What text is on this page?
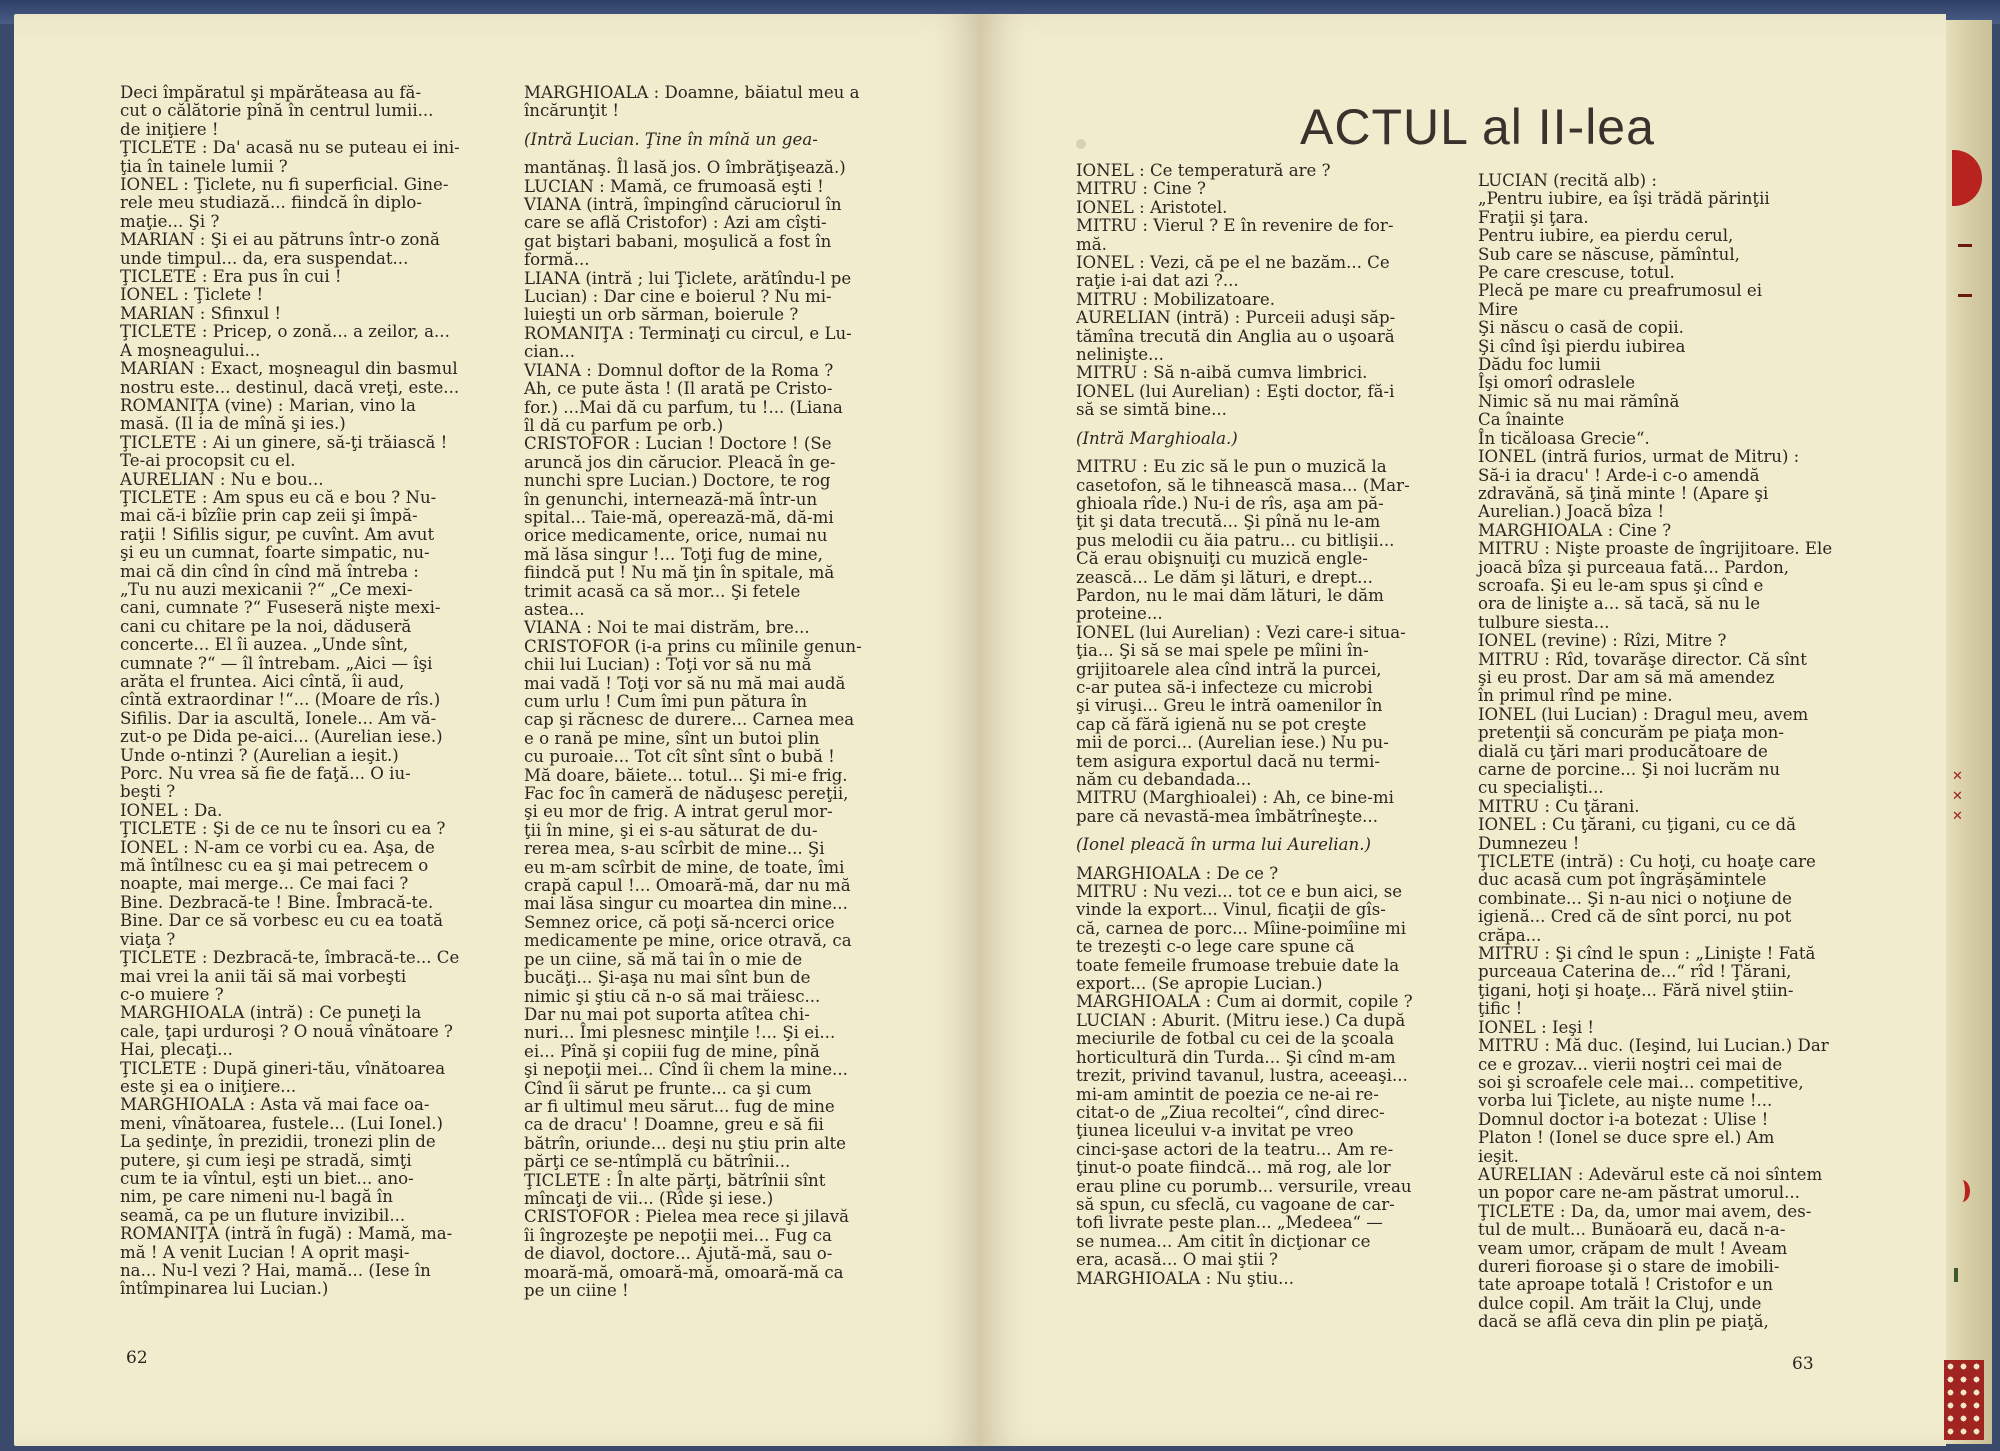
Deci împăratul şi mpărăteasa au fă-

cut o călătorie pînă în centrul lumii...

de iniţiere !

ŢICLETE : Da' acasă nu se puteau ei ini-

ţia în tainele lumii ?

IONEL : Ţiclete, nu fi superficial. Gine-

rele meu studiază... fiindcă în diplo-

maţie... Şi ?

MARIAN : Şi ei au pătruns într-o zonă

unde timpul... da, era suspendat...

ŢICLETE : Era pus în cui !

IONEL : Ţiclete !

MARIAN : Sfinxul !

ŢICLETE : Pricep, o zonă... a zeilor, a...

A moşneagului...

MARIAN : Exact, moşneagul din basmul

nostru este... destinul, dacă vreţi, este...

ROMANIŢA (vine) : Marian, vino la

masă. (Il ia de mînă şi ies.)

ŢICLETE : Ai un ginere, să-ţi trăiască !

Te-ai procopsit cu el.

AURELIAN : Nu e bou...

ŢICLETE : Am spus eu că e bou ? Nu-

mai că-i bîzîie prin cap zeii şi împă-

raţii ! Sifilis sigur, pe cuvînt. Am avut

şi eu un cumnat, foarte simpatic, nu-

mai că din cînd în cînd mă întreba :

„Tu nu auzi mexicanii ?“ „Ce mexi-

cani, cumnate ?“ Fuseseră nişte mexi-

cani cu chitare pe la noi, dăduseră

concerte... El îi auzea. „Unde sînt,

cumnate ?“ — îl întrebam. „Aici — îşi

arăta el fruntea. Aici cîntă, îi aud,

cîntă extraordinar !“... (Moare de rîs.)

Sifilis. Dar ia ascultă, Ionele... Am vă-

zut-o pe Dida pe-aici... (Aurelian iese.)

Unde o-ntinzi ? (Aurelian a ieşit.)

Porc. Nu vrea să fie de faţă... O iu-

beşti ?

IONEL : Da.

ŢICLETE : Şi de ce nu te însori cu ea ?

IONEL : N-am ce vorbi cu ea. Aşa, de

mă întîlnesc cu ea şi mai petrecem o

noapte, mai merge... Ce mai faci ?

Bine. Dezbracă-te ! Bine. Îmbracă-te.

Bine. Dar ce să vorbesc eu cu ea toată

viaţa ?

ŢICLETE : Dezbracă-te, îmbracă-te... Ce

mai vrei la anii tăi să mai vorbeşti

c-o muiere ?

MARGHIOALA (intră) : Ce puneţi la

cale, ţapi urduroşi ? O nouă vînătoare ?

Hai, plecaţi...

ŢICLETE : După gineri-tău, vînătoarea

este şi ea o iniţiere...

MARGHIOALA : Asta vă mai face oa-

meni, vînătoarea, fustele... (Lui Ionel.)

La şedinţe, în prezidii, tronezi plin de

putere, şi cum ieşi pe stradă, simţi

cum te ia vîntul, eşti un biet... ano-

nim, pe care nimeni nu-l bagă în

seamă, ca pe un fluture invizibil...

ROMANIŢA (intră în fugă) : Mamă, ma-

mă ! A venit Lucian ! A oprit maşi-

na... Nu-l vezi ? Hai, mamă... (Iese în

întîmpinarea lui Lucian.)

MARGHIOALA : Doamne, băiatul meu a

încărunţit !

(Intră Lucian. Ţine în mînă un gea-

mantănaş. Îl lasă jos. O îmbrăţişează.)

LUCIAN : Mamă, ce frumoasă eşti !

VIANA (intră, împingînd căruciorul în

care se află Cristofor) : Azi am cîşti-

gat biştari babani, moşulică a fost în

formă...

LIANA (intră ; lui Ţiclete, arătîndu-l pe

Lucian) : Dar cine e boierul ? Nu mi-

luieşti un orb sărman, boierule ?

ROMANIŢA : Terminaţi cu circul, e Lu-

cian...

VIANA : Domnul doftor de la Roma ?

Ah, ce pute ăsta ! (Il arată pe Cristo-

for.) ...Mai dă cu parfum, tu !... (Liana

îl dă cu parfum pe orb.)

CRISTOFOR : Lucian ! Doctore ! (Se

aruncă jos din cărucior. Pleacă în ge-

nunchi spre Lucian.) Doctore, te rog

în genunchi, internează-mă într-un

spital... Taie-mă, operează-mă, dă-mi

orice medicamente, orice, numai nu

mă lăsa singur !... Toţi fug de mine,

fiindcă put ! Nu mă ţin în spitale, mă

trimit acasă ca să mor... Şi fetele

astea...

VIANA : Noi te mai distrăm, bre...

CRISTOFOR (i-a prins cu mîinile genun-

chii lui Lucian) : Toţi vor să nu mă

mai vadă ! Toţi vor să nu mă mai audă

cum urlu ! Cum îmi pun pătura în

cap şi răcnesc de durere... Carnea mea

e o rană pe mine, sînt un butoi plin

cu puroaie... Tot cît sînt sînt o bubă !

Mă doare, băiete... totul... Şi mi-e frig.

Fac foc în cameră de năduşesc pereţii,

şi eu mor de frig. A intrat gerul mor-

ţii în mine, şi ei s-au săturat de du-

rerea mea, s-au scîrbit de mine... Şi

eu m-am scîrbit de mine, de toate, îmi

crapă capul !... Omoară-mă, dar nu mă

mai lăsa singur cu moartea din mine...

Semnez orice, că poţi să-ncerci orice

medicamente pe mine, orice otravă, ca

pe un ciine, să mă tai în o mie de

bucăţi... Şi-aşa nu mai sînt bun de

nimic şi ştiu că n-o să mai trăiesc...

Dar nu mai pot suporta atîtea chi-

nuri... Îmi plesnesc minţile !... Şi ei...

ei... Pînă şi copiii fug de mine, pînă

şi nepoţii mei... Cînd îi chem la mine...

Cînd îi sărut pe frunte... ca şi cum

ar fi ultimul meu sărut... fug de mine

ca de dracu' ! Doamne, greu e să fii

bătrîn, oriunde... deşi nu ştiu prin alte

părţi ce se-ntîmplă cu bătrînii...

ŢICLETE : În alte părţi, bătrînii sînt

mîncaţi de vii... (Rîde şi iese.)

CRISTOFOR : Pielea mea rece şi jilavă

îi îngrozeşte pe nepoţii mei... Fug ca

de diavol, doctore... Ajută-mă, sau o-

moară-mă, omoară-mă, omoară-mă ca

pe un ciine !

62
ACTUL al II-lea

IONEL : Ce temperatură are ?

MITRU : Cine ?

IONEL : Aristotel.

MITRU : Vierul ? E în revenire de for-

mă.

IONEL : Vezi, că pe el ne bazăm... Ce

raţie i-ai dat azi ?...

MITRU : Mobilizatoare.

AURELIAN (intră) : Purceii aduşi săp-

tămîna trecută din Anglia au o uşoară

nelinişte...

MITRU : Să n-aibă cumva limbrici.

IONEL (lui Aurelian) : Eşti doctor, fă-i

să se simtă bine...

(Intră Marghioala.)

MITRU : Eu zic să le pun o muzică la

casetofon, să le tihnească masa... (Mar-

ghioala rîde.) Nu-i de rîs, aşa am pă-

ţit şi data trecută... Şi pînă nu le-am

pus melodii cu ăia patru... cu bitlişii...

Că erau obişnuiţi cu muzică engle-

zească... Le dăm şi lături, e drept...

Pardon, nu le mai dăm lături, le dăm

proteine...

IONEL (lui Aurelian) : Vezi care-i situa-

ţia... Şi să se mai spele pe mîini în-

grijitoarele alea cînd intră la purcei,

c-ar putea să-i infecteze cu microbi

şi viruşi... Greu le intră oamenilor în

cap că fără igienă nu se pot creşte

mii de porci... (Aurelian iese.) Nu pu-

tem asigura exportul dacă nu termi-

năm cu debandada...

MITRU (Marghioalei) : Ah, ce bine-mi

pare că nevastă-mea îmbătrîneşte...

(Ionel pleacă în urma lui Aurelian.)

MARGHIOALA : De ce ?

MITRU : Nu vezi... tot ce e bun aici, se

vinde la export... Vinul, ficaţii de gîs-

că, carnea de porc... Mîine-poimîine mi

te trezeşti c-o lege care spune că

toate femeile frumoase trebuie date la

export... (Se apropie Lucian.)

MARGHIOALA : Cum ai dormit, copile ?

LUCIAN : Aburit. (Mitru iese.) Ca după

meciurile de fotbal cu cei de la şcoala

horticultură din Turda... Şi cînd m-am

trezit, privind tavanul, lustra, aceeaşi...

mi-am amintit de poezia ce ne-ai re-

citat-o de „Ziua recoltei“, cînd direc-

ţiunea liceului v-a invitat pe vreo

cinci-şase actori de la teatru... Am re-

ţinut-o poate fiindcă... mă rog, ale lor

erau pline cu porumb... versurile, vreau

să spun, cu sfeclă, cu vagoane de car-

tofi livrate peste plan... „Medeea“ —

se numea... Am citit în dicţionar ce

era, acasă... O mai ştii ?

MARGHIOALA : Nu ştiu...

LUCIAN (recită alb) :

„Pentru iubire, ea îşi trădă părinţii

Fraţii şi ţara.

Pentru iubire, ea pierdu cerul,

Sub care se născuse, pămîntul,

Pe care crescuse, totul.

Plecă pe mare cu preafrumosul ei

Mire

Şi născu o casă de copii.

Şi cînd îşi pierdu iubirea

Dădu foc lumii

Îşi omorî odraslele

Nimic să nu mai rămînă

Ca înainte

În ticăloasa Grecie“.

IONEL (intră furios, urmat de Mitru) :

Să-i ia dracu' ! Arde-i c-o amendă

zdravănă, să ţină minte ! (Apare şi

Aurelian.) Joacă bîza !

MARGHIOALA : Cine ?

MITRU : Nişte proaste de îngrijitoare. Ele

joacă bîza şi purceaua fată... Pardon,

scroafa. Şi eu le-am spus şi cînd e

ora de linişte a... să tacă, să nu le

tulbure siesta...

IONEL (revine) : Rîzi, Mitre ?

MITRU : Rîd, tovarăşe director. Că sînt

şi eu prost. Dar am să mă amendez

în primul rînd pe mine.

IONEL (lui Lucian) : Dragul meu, avem

pretenţii să concurăm pe piaţa mon-

dială cu ţări mari producătoare de

carne de porcine... Şi noi lucrăm nu

cu specialişti...

MITRU : Cu ţărani.

IONEL : Cu ţărani, cu ţigani, cu ce dă

Dumnezeu !

ŢICLETE (intră) : Cu hoţi, cu hoaţe care

duc acasă cum pot îngrăşămintele

combinate... Şi n-au nici o noţiune de

igienă... Cred că de sînt porci, nu pot

crăpa...

MITRU : Şi cînd le spun : „Linişte ! Fată

purceaua Caterina de...“ rîd ! Ţărani,

ţigani, hoţi şi hoaţe... Fără nivel ştiin-

ţific !

IONEL : Ieşi !

MITRU : Mă duc. (Ieşind, lui Lucian.) Dar

ce e grozav... vierii noştri cei mai de

soi şi scroafele cele mai... competitive,

vorba lui Ţiclete, au nişte nume !...

Domnul doctor i-a botezat : Ulise !

Platon ! (Ionel se duce spre el.) Am

ieşit.

AURELIAN : Adevărul este că noi sîntem

un popor care ne-am păstrat umorul...

ŢICLETE : Da, da, umor mai avem, des-

tul de mult... Bunăoară eu, dacă n-a-

veam umor, crăpam de mult ! Aveam

dureri fioroase şi o stare de imobili-

tate aproape totală ! Cristofor e un

dulce copil. Am trăit la Cluj, unde

dacă se află ceva din plin pe piaţă,

63
✕
✕
✕
